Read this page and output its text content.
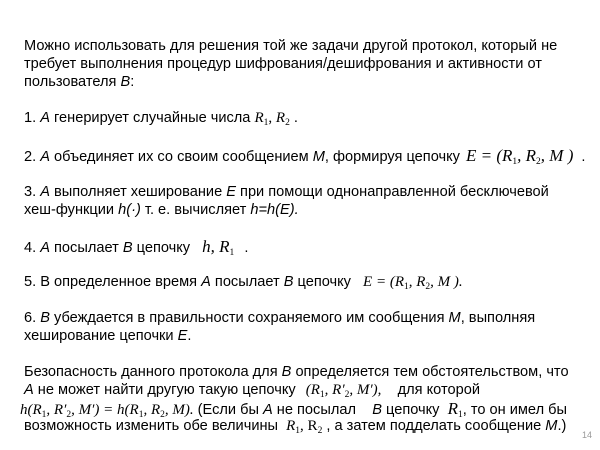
Можно использовать для решения той же задачи другой протокол, который не
требует выполнения процедур шифрования/дешифрования и активности от
пользователя B:
1. A генерирует случайные числа $R_1$, $R_2$ .
2. A объединяет их со своим сообщением M, формируя цепочку $E = (R_1$, $R_2$, M ) .
3. A выполняет хеширование E при помощи однонаправленной бесключевой
хеш-функции h(·) т. е. вычисляет h=h(E).
4. A посылает B цепочку h, $R_1$ .
5. В определенное время A посылает B цепочку $E = (R_1$, $R_2$, M ).
6. B убеждается в правильности сохраняемого им сообщения M, выполняя
хеширование цепочки E.
Безопасность данного протокола для B определяется тем обстоятельством, что
A не может найти другую такую цепочку ($R_1$, $R'_2$, M′),    для которой
$h(R_1$, $R'_2$, $M') = h(R_1$, $R_2$, M). (Если бы A не посылал    B цепочку  $R_1$, то он имел бы
возможность изменить обе величины  $R_1$, $R_2$ , а затем подделать сообщение M.)
14
